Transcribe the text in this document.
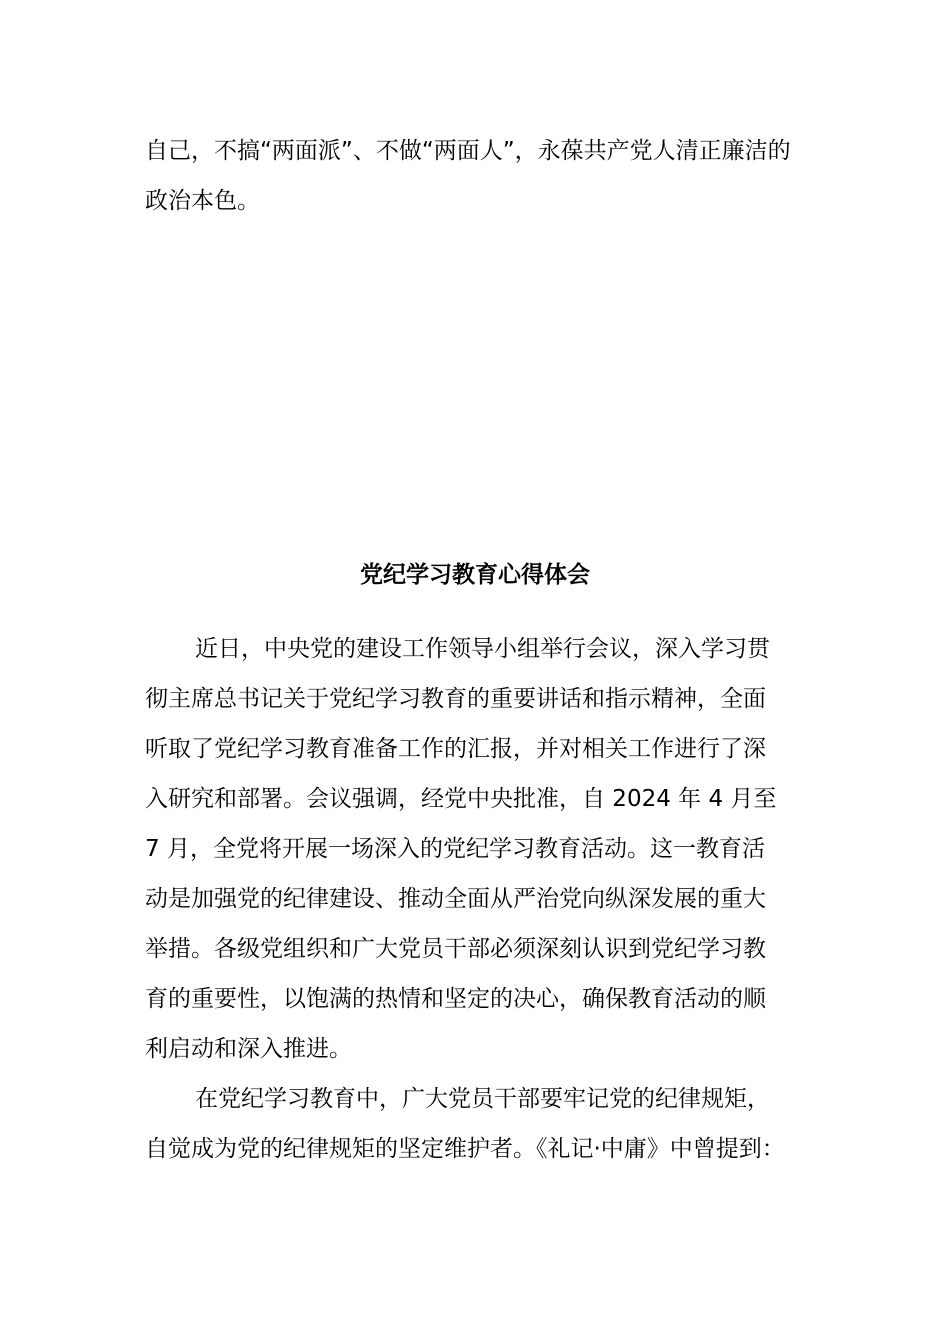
自己，不搞“两面派”、不做“两面人”，永葆共产党人清正廉洁的

政治本色。

党纪学习教育心得体会

近日，中央党的建设工作领导小组举行会议，深入学习贯

彻主席总书记关于党纪学习教育的重要讲话和指示精神，全面

听取了党纪学习教育准备工作的汇报，并对相关工作进行了深

入研究和部署。会议强调，经党中央批准，自 2024 年 4 月至

7 月，全党将开展一场深入的党纪学习教育活动。这一教育活

动是加强党的纪律建设、推动全面从严治党向纵深发展的重大

举措。各级党组织和广大党员干部必须深刻认识到党纪学习教

育的重要性，以饱满的热情和坚定的决心，确保教育活动的顺

利启动和深入推进。

在党纪学习教育中，广大党员干部要牢记党的纪律规矩，

自觉成为党的纪律规矩的坚定维护者。《礼记·中庸》中曾提到：
